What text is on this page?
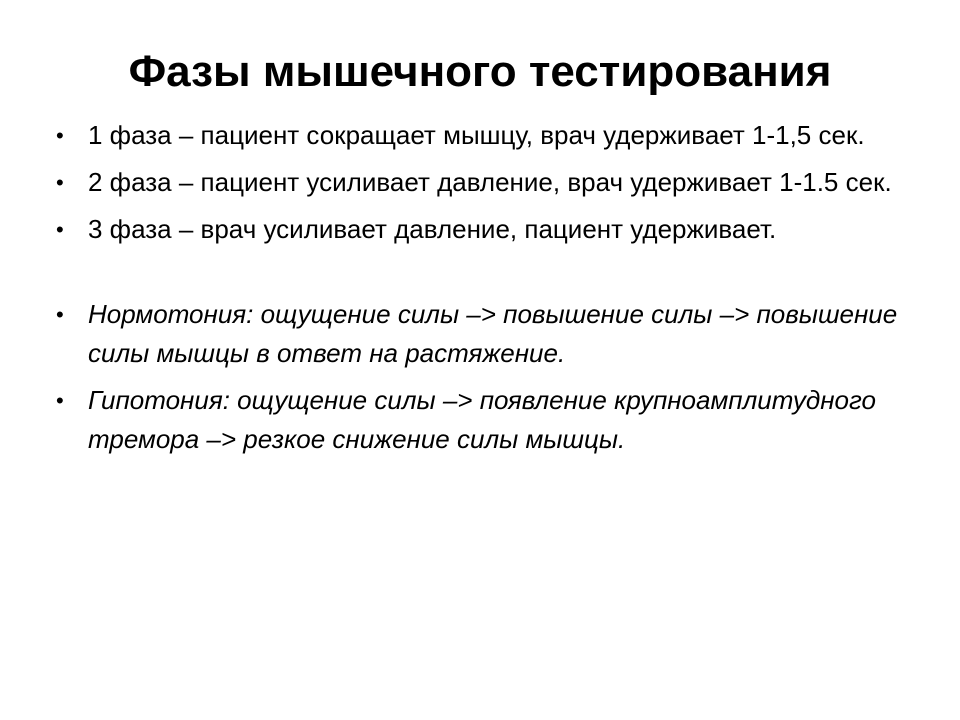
Фазы мышечного тестирования
• 1 фаза – пациент сокращает мышцу, врач удерживает 1-1,5 сек.
• 2 фаза – пациент усиливает давление, врач удерживает 1-1.5 сек.
• 3 фаза – врач усиливает давление, пациент удерживает.
• Нормотония: ощущение силы –> повышение силы –> повышение силы мышцы в ответ на растяжение.
• Гипотония: ощущение силы –> появление крупноамплитудного тремора –> резкое снижение силы мышцы.
